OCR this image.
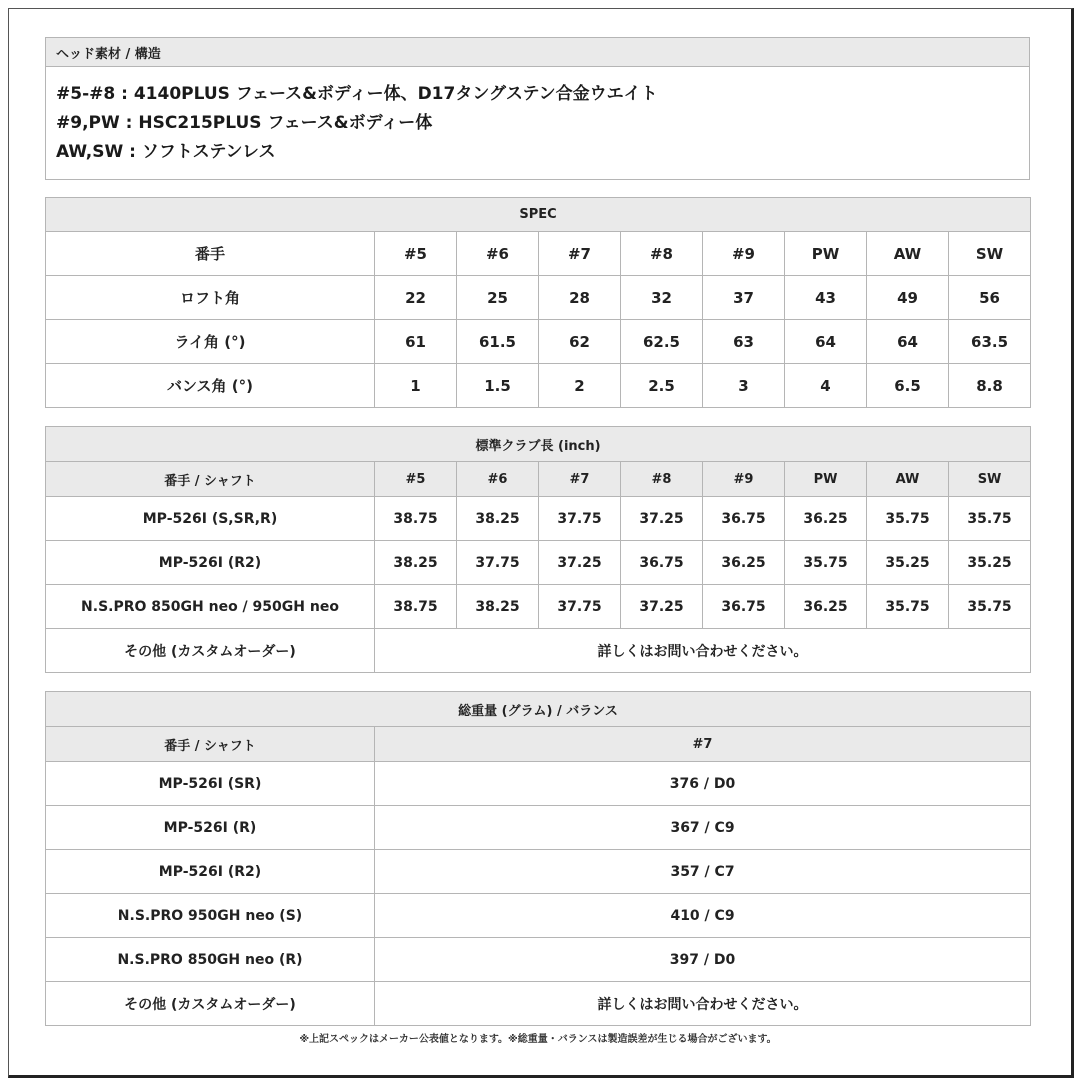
ヘッド素材 / 構造

#5-#8 : 4140PLUS フェース&ボディー体、D17タングステン合金ウエイト
#9,PW : HSC215PLUS フェース&ボディー体
AW,SW : ソフトステンレス
SPEC								
番手	#5	#6	#7	#8	#9	PW	AW	SW
ロフト角	22	25	28	32	37	43	49	56
ライ角 (°)	61	61.5	62	62.5	63	64	64	63.5
バンス角 (°)	1	1.5	2	2.5	3	4	6.5	8.8
標準クラブ長 (inch)								
番手 / シャフト	#5	#6	#7	#8	#9	PW	AW	SW
MP-526I (S,SR,R)	38.75	38.25	37.75	37.25	36.75	36.25	35.75	35.75
MP-526I (R2)	38.25	37.75	37.25	36.75	36.25	35.75	35.25	35.25
N.S.PRO 850GH neo / 950GH neo	38.75	38.25	37.75	37.25	36.75	36.25	35.75	35.75
その他 (カスタムオーダー)	詳しくはお問い合わせください。							
総重量 (グラム) / バランス	
番手 / シャフト	#7
MP-526I (SR)	376 / D0
MP-526I (R)	367 / C9
MP-526I (R2)	357 / C7
N.S.PRO 950GH neo (S)	410 / C9
N.S.PRO 850GH neo (R)	397 / D0
その他 (カスタムオーダー)	詳しくはお問い合わせください。
※上記スペックはメーカー公表値となります。※総重量・バランスは製造誤差が生じる場合がございます。
